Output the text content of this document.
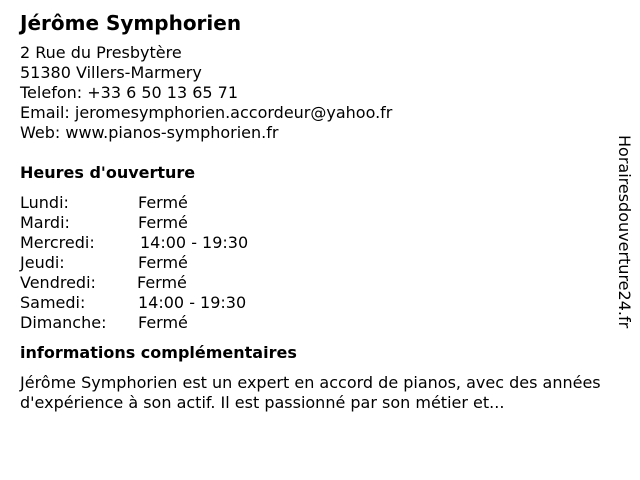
Jérôme Symphorien
2 Rue du Presbytère
51380 Villers-Marmery
Telefon: +33 6 50 13 65 71
Email: jeromesymphorien.accordeur@yahoo.fr
Web: www.pianos-symphorien.fr
Heures d'ouverture
Lundi:	Fermé
Mardi:	Fermé
Mercredi:	14:00 - 19:30
Jeudi:	Fermé
Vendredi:	Fermé
Samedi:	14:00 - 19:30
Dimanche: Fermé
informations complémentaires
Jérôme Symphorien est un expert en accord de pianos, avec des années d'expérience à son actif. Il est passionné par son métier et...
Horairesdouverture24.fr
